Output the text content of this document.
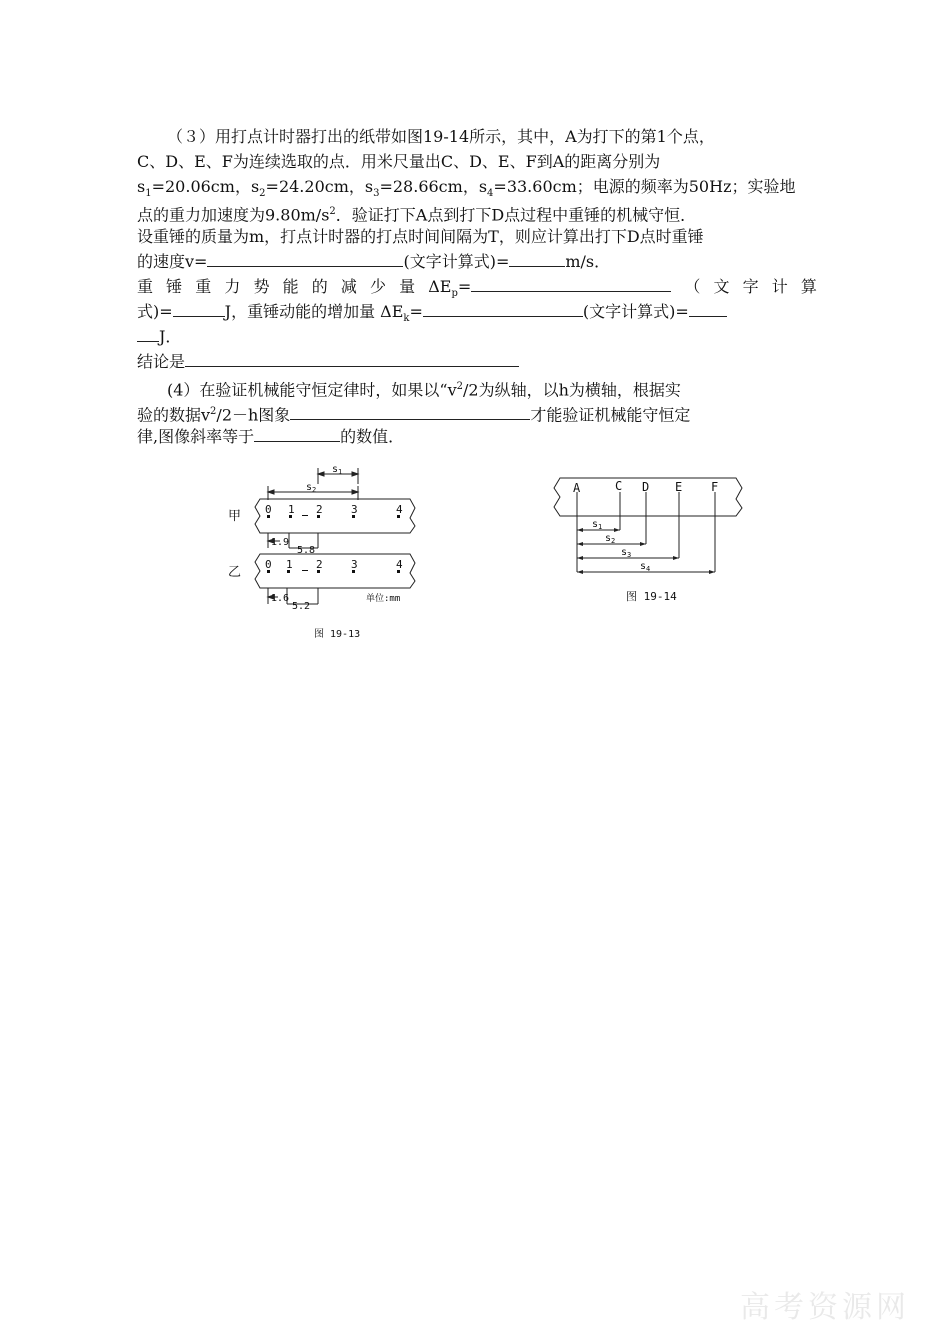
（３）用打点计时器打出的纸带如图19-14所示，其中，A为打下的第1个点，
C、D、E、F为连续选取的点．用米尺量出C、D、E、F到A的距离分别为
$s_1=20.06cm$，$s_2=24.20cm$，$s_3=28.66cm$，$s_4=33.60cm$；电源的频率为50Hz；实验地
点的重力加速度为$9.80m/s^2$．验证打下A点到打下D点过程中重锤的机械守恒．
设重锤的质量为m，打点计时器的打点时间间隔为T，则应计算出打下D点时重锤
的速度v=	(文字计算式)=	m/s．
重 锤 重 力 势 能 的 减 少 量 $\Delta E_p=$	（ 文 字 计 算
式)=	J，重锤动能的增加量 $\Delta E_k=$	(文字计算式)=
J．
结论是
(4）在验证机械能守恒定律时，如果以“$v^2/2$为纵轴，以h为横轴，根据实
验的数据$v^2/2-h$图象	才能验证机械能守恒定
律,图像斜率等于	的数值．
$s_1$
$s_2$
甲
乙
0 1 2	3	4
0 1 2	3	4
1.9
5.8
1.6
5.2
单位:mm
图 19-13
A	C D E F
$s_1$
$s_2$
$s_3$
$s_4$
图 19-14
高考资源网
